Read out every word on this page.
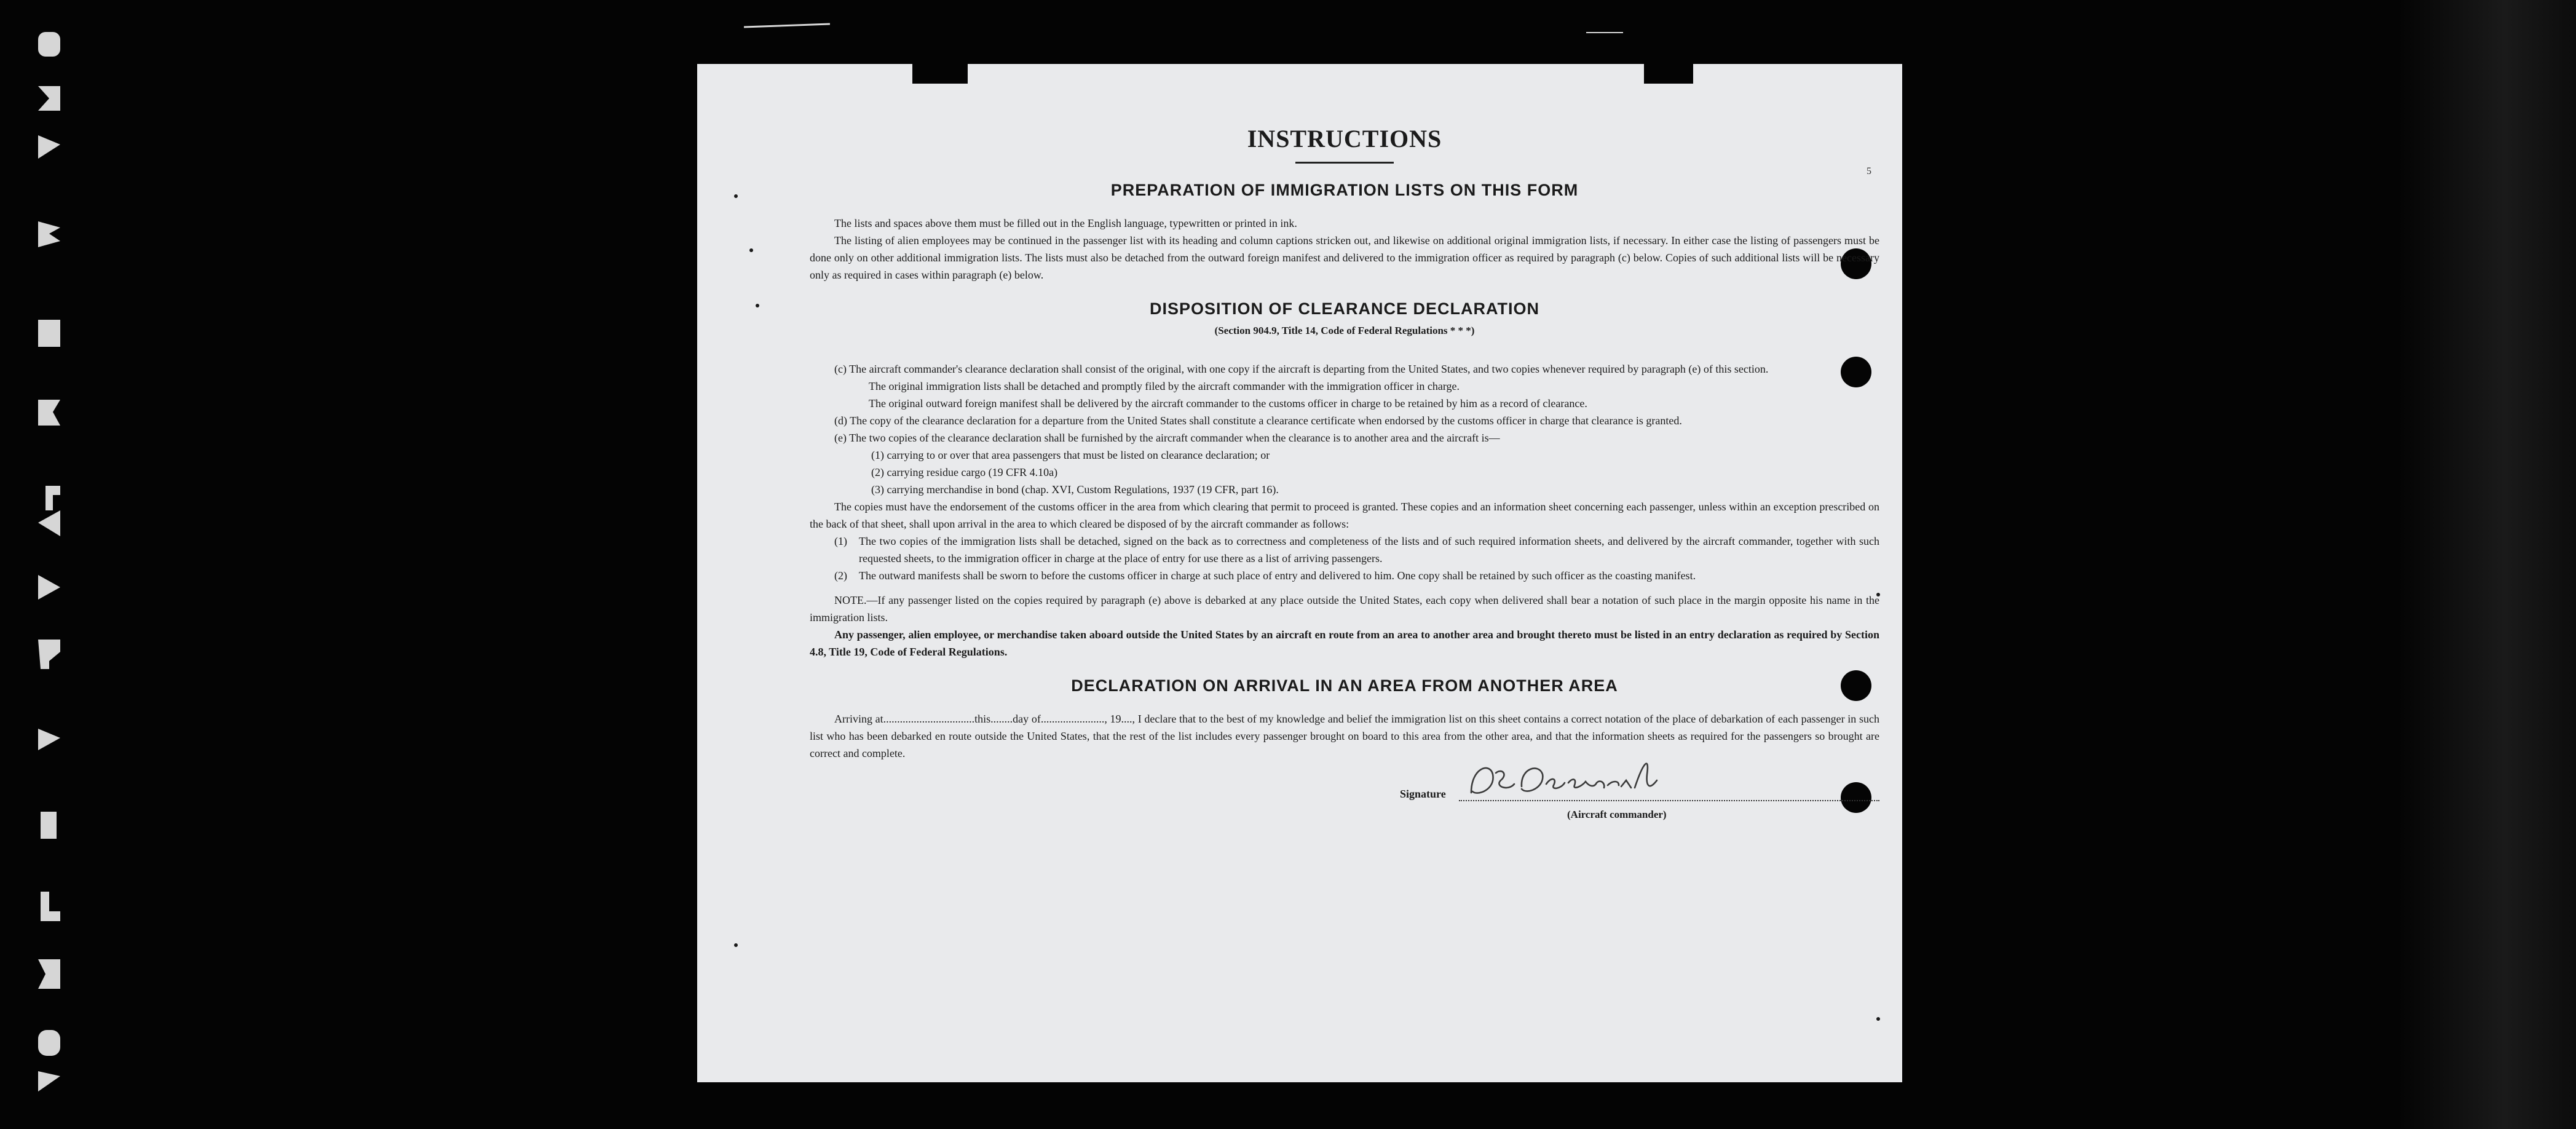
5
INSTRUCTIONS
PREPARATION OF IMMIGRATION LISTS ON THIS FORM

The lists and spaces above them must be filled out in the English language, typewritten or printed in ink.

The listing of alien employees may be continued in the passenger list with its heading and column captions stricken out, and likewise on additional original immigration lists, if necessary. In either case the listing of passengers must be done only on other additional immigration lists. The lists must also be detached from the outward foreign manifest and delivered to the immigration officer as required by paragraph (c) below. Copies of such additional lists will be necessary only as required in cases within paragraph (e) below.

DISPOSITION OF CLEARANCE DECLARATION
(Section 904.9, Title 14, Code of Federal Regulations * * *)

(c) The aircraft commander's clearance declaration shall consist of the original, with one copy if the aircraft is departing from the United States, and two copies whenever required by paragraph (e) of this section.

The original immigration lists shall be detached and promptly filed by the aircraft commander with the immigration officer in charge.

The original outward foreign manifest shall be delivered by the aircraft commander to the customs officer in charge to be retained by him as a record of clearance.

(d) The copy of the clearance declaration for a departure from the United States shall constitute a clearance certificate when endorsed by the customs officer in charge that clearance is granted.

(e) The two copies of the clearance declaration shall be furnished by the aircraft commander when the clearance is to another area and the aircraft is—

(1) carrying to or over that area passengers that must be listed on clearance declaration; or

(2) carrying residue cargo (19 CFR 4.10a)

(3) carrying merchandise in bond (chap. XVI, Custom Regulations, 1937 (19 CFR, part 16).

The copies must have the endorsement of the customs officer in the area from which clearing that permit to proceed is granted. These copies and an information sheet concerning each passenger, unless within an exception prescribed on the back of that sheet, shall upon arrival in the area to which cleared be disposed of by the aircraft commander as follows:

(1) The two copies of the immigration lists shall be detached, signed on the back as to correctness and completeness of the lists and of such required information sheets, and delivered by the aircraft commander, together with such requested sheets, to the immigration officer in charge at the place of entry for use there as a list of arriving passengers.

(2) The outward manifests shall be sworn to before the customs officer in charge at such place of entry and delivered to him. One copy shall be retained by such officer as the coasting manifest.

NOTE.—If any passenger listed on the copies required by paragraph (e) above is debarked at any place outside the United States, each copy when delivered shall bear a notation of such place in the margin opposite his name in the immigration lists.

Any passenger, alien employee, or merchandise taken aboard outside the United States by an aircraft en route from an area to another area and brought thereto must be listed in an entry declaration as required by Section 4.8, Title 19, Code of Federal Regulations.

DECLARATION ON ARRIVAL IN AN AREA FROM ANOTHER AREA

Arriving at.................................this........day of......................., 19...., I declare that to the best of my knowledge and belief the immigration list on this sheet contains a correct notation of the place of debarkation of each passenger in such list who has been debarked en route outside the United States, that the rest of the list includes every passenger brought on board to this area from the other area, and that the information sheets as required for the passengers so brought are correct and complete.

Signature
(Aircraft commander)
